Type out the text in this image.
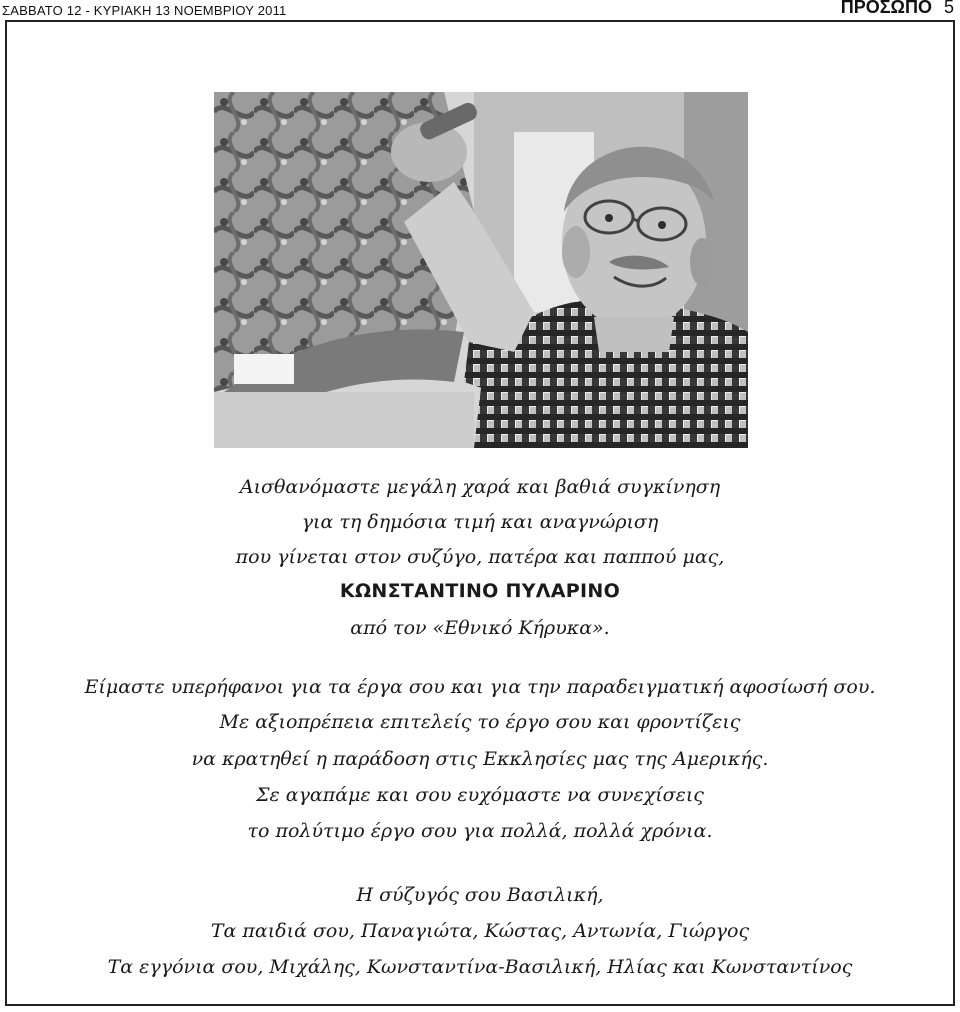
ΣΑΒΒΑΤΟ 12 - ΚΥΡΙΑΚΗ 13 ΝΟΕΜΒΡΙΟΥ 2011	ΠΡΟΣΩΠΟ 5
Αισθανόμαστε μεγάλη χαρά και βαθιά συγκίνηση
για τη δημόσια τιμή και αναγνώριση
που γίνεται στον συζύγο, πατέρα και παππού μας,
ΚΩΝΣΤΑΝΤΙΝΟ ΠΥΛΑΡΙΝΟ
από τον «Εθνικό Κήρυκα».
Είμαστε υπερήφανοι για τα έργα σου και για την παραδειγματική αφοσίωσή σου.
Με αξιοπρέπεια επιτελείς το έργο σου και φροντίζεις
να κρατηθεί η παράδοση στις Εκκλησίες μας της Αμερικής.
Σε αγαπάμε και σου ευχόμαστε να συνεχίσεις
το πολύτιμο έργο σου για πολλά, πολλά χρόνια.
Η σύζυγός σου Βασιλική,
Τα παιδιά σου, Παναγιώτα, Κώστας, Αντωνία, Γιώργος
Τα εγγόνια σου, Μιχάλης, Κωνσταντίνα-Βασιλική, Ηλίας και Κωνσταντίνος
